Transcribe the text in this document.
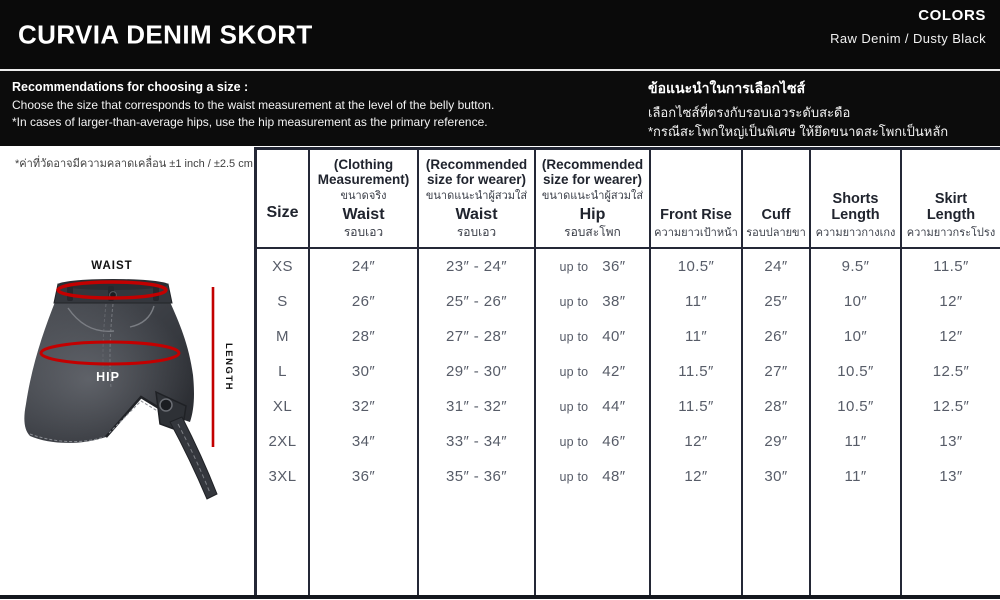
CURVIA DENIM SKORT
COLORS
Raw Denim / Dusty Black

Recommendations for choosing a size :

Choose the size that corresponds to the waist measurement at the level of the belly button.

*In cases of larger-than-average hips, use the hip measurement as the primary reference.

ข้อแนะนำในการเลือกไซส์

เลือกไซส์ที่ตรงกับรอบเอวระดับสะดือ

*กรณีสะโพกใหญ่เป็นพิเศษ ให้ยึดขนาดสะโพกเป็นหลัก

*ค่าที่วัดอาจมีความคลาดเคลื่อน ±1 inch / ±2.5 cm

WAIST
HIP	LENGTH
Size
(Clothing Measurement)
ขนาดจริง
Waist
รอบเอว
(Recommended size for wearer)
ขนาดแนะนำผู้สวมใส่
Waist
รอบเอว
(Recommended size for wearer)
ขนาดแนะนำผู้สวมใส่
Hip
รอบสะโพก
Front Rise
ความยาวเป้าหน้า
Cuff
รอบปลายขา
Shorts Length
ความยาวกางเกง
Skirt Length
ความยาวกระโปรง
XS	24″	23″ - 24″	up to 36″	10.5″	24″	9.5″	11.5″
S	26″	25″ - 26″	up to 38″	11″	25″	10″	12″
M	28″	27″ - 28″	up to 40″	11″	26″	10″	12″
L	30″	29″ - 30″	up to 42″	11.5″	27″	10.5″	12.5″
XL	32″	31″ - 32″	up to 44″	11.5″	28″	10.5″	12.5″
2XL	34″	33″ - 34″	up to 46″	12″	29″	11″	13″
3XL	36″	35″ - 36″	up to 48″	12″	30″	11″	13″
